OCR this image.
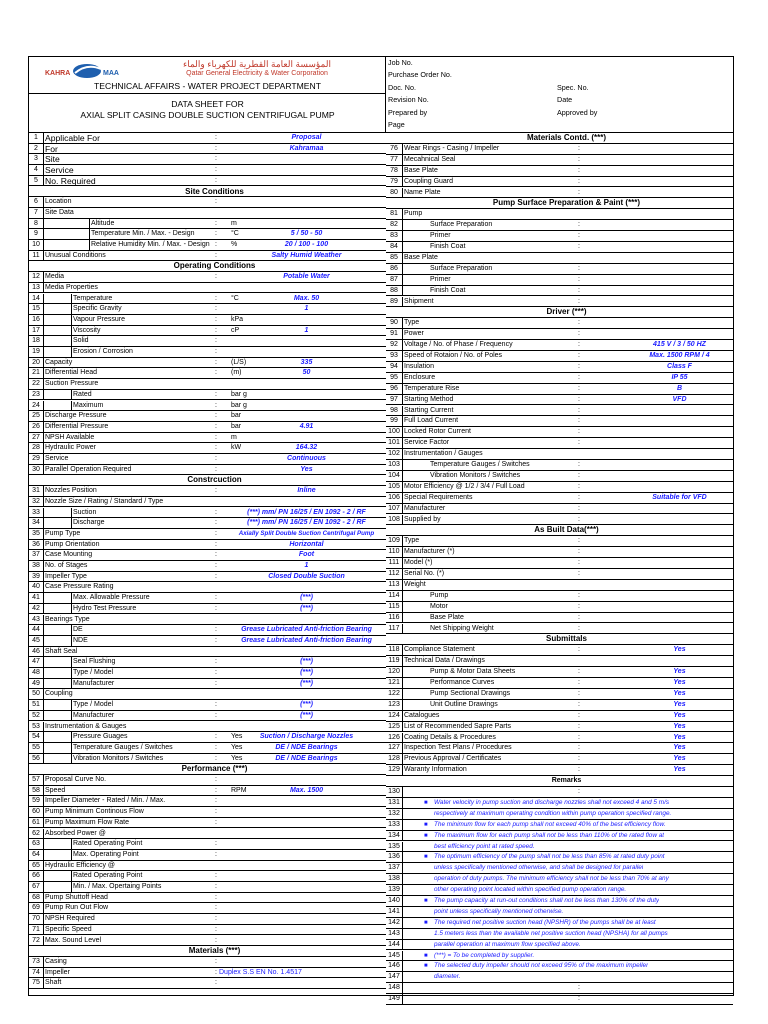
KAHRA	MAA
المؤسسة العامة القطرية للكهرباء والماء
Qatar General Electricity & Water Corporation
TECHNICAL AFFAIRS - WATER PROJECT DEPARTMENT
DATA SHEET FOR
AXIAL SPLIT CASING DOUBLE SUCTION CENTRIFUGAL PUMP
Job No.
Purchase Order No.
Doc. No.	Spec. No.
Revision No.	Date
Prepared by	Approved by
Page
1 Applicable For	:	Proposal
2 For	:	Kahramaa
3 Site	:
4 Service	:
5 No. Required	:
Site Conditions
6	Location	:
7	Site Data
8	Altitude	: m
9	Temperature Min. / Max. - Design	: °C	5 / 50 - 50
10	Relative Humidity Min. / Max. - Design : %	20 / 100 - 100
11 Unusual Conditions	:	Salty Humid Weather
Operating Conditions
12 Media	:	Potable Water
13 Media Properties
14	Temperature	: °C	Max. 50
15	Specific Gravity	:	1
16	Vapour Pressure	: kPa
17	Viscosity	: cP	1
18	Solid	:
19	Erosion / Corrosion	:
20 Capacity	: (L/S)	335
21 Differential Head	: (m)	50
22 Suction Pressure
23	Rated	: bar g
24	Maximum	: bar g
25 Discharge Pressure	: bar
26 Differential Pressure	: bar	4.91
27 NPSH Available	: m
28 Hydraulic Power	: kW	164.32
29 Service	:	Continuous
30 Parallel Operation Required	:	Yes
Constrcuction
31 Nozzles Position	:	Inline
32 Nozzle Size / Rating / Standard / Type
33	Suction	:	(***) mm/ PN 16/25 / EN 1092 - 2 / RF
34	Discharge	:	(***) mm/ PN 16/25 / EN 1092 - 2 / RF
35 Pump Type	:	Axially Split Double Suction Centrifugal Pump
36 Pump Orientation	:	Horizontal
37 Case Mounting	:	Foot
38 No. of Stages	:	1
39 Impeller Type	:	Closed Double Suction
40 Case Pressure Rating
41	Max. Allowable Pressure	:	(***)
42	Hydro Test Pressure	:	(***)
43 Bearings Type
44	DE	:	Grease Lubricated Anti-friction Bearing
45	NDE	:	Grease Lubricated Anti-friction Bearing
46 Shaft Seal
47	Seal Flushing	:	(***)
48	Type / Model	:	(***)
49	Manufacturer	:	(***)
50 Coupling
51	Type / Model	:	(***)
52	Manufacturer	:	(***)
53 Instrumentation & Gauges
54	Pressure Guages	: Yes	Suction / Discharge Nozzles
55	Temperature Gauges / Switches	: Yes	DE / NDE Bearings
56	Vibration Monitors / Switches	: Yes	DE / NDE Bearings
Performance (***)
57 Proposal Curve No.	:
58 Speed	: RPM	Max. 1500
59 Impeller Diameter - Rated / Min. / Max.	:
60 Pump Minimum Continous Flow	:
61 Pump Maximum Flow Rate	:
62 Absorbed Power @
63	Rated Operating Point	:
64	Max. Operating Point	:
65 Hydraulic Efficiency @
66	Rated Operating Point	:
67	Min. / Max. Opertaing Points	:
68 Pump Shuttoff Head	:
69 Pump Run Out Flow	:
70 NPSH Required	:
71 Specific Speed	:
72 Max. Sound Level	:
Materials (***)
73 Casing	:
74 Impeller	: Duplex S.S EN No. 1.4517
75 Shaft	:
Materials Contd. (***)
76 Wear Rings - Casing / Impeller	:
77 Mecahnical Seal	:
78 Base Plate	:
79 Coupling Guard	:
80 Name Plate	:
Pump Surface Preparation & Paint (***)
81 Pump
82	Surface Preparation	:
83	Primer	:
84	Finish Coat	:
85 Base Plate
86	Surface Preparation	:
87	Primer	:
88	Finish Coat	:
89 Shipment	:
Driver (***)
90 Type	:
91 Power	:
92 Voltage / No. of Phase / Frequency	:	415 V / 3 / 50 HZ
93 Speed of Rotaion / No. of Poles	:	Max. 1500 RPM / 4
94 Insulation	:	Class F
95 Enclosure	:	IP 55
96 Temperature Rise	:	B
97 Starting Method	:	VFD
98 Starting Current	:
99 Full Load Current	:
100 Locked Rotor Current	:
101 Service Factor	:
102 Instrumentation / Gauges
103	Temperature Gauges / Switches	:
104	Vibration Monitors / Switches	:
105 Motor Efficiency @ 1/2 / 3/4 / Full Load	:
106 Special Requirements	:	Suitable for VFD
107 Manufacturer	:
108 Supplied by	:
As Built Data(***)
109 Type	:
110 Manufacturer (*)	:
111 Model (*)	:
112 Serial No. (*)	:
113 Weight
114	Pump	:
115	Motor	:
116	Base Plate	:
117	Net Shipping Weight	:
Submittals
118 Compliance Statement	:	Yes
119 Technical Data / Drawings
120	Pump & Motor Data Sheets	:	Yes
121	Performance Curves	:	Yes
122	Pump Sectional Drawings	:	Yes
123	Unit Outline Drawings	:	Yes
124 Catalogues	:	Yes
125 List of Recommended Sapre Parts	:	Yes
126 Coating Details & Procedures	:	Yes
127 Inspection Test Plans / Procedures	:	Yes
128 Previous Approval / Certificates	:	Yes
129 Waranty Information	:	Yes
Remarks
130	:
131	■ Water velocity in pump suction and discharge nozzles shall not exceed 4 and 5 m/s
132	respectively at maximum operating condition within pump operation specified range.
133	■ The minimum flow for each pump shall not exceed 40% of the best efficiency flow.
134	■ The maximum flow for each pump shall not be less than 110% of the rated flow at
135	best efficiency point at rated speed.
136	■ The optimum efficiency of the pump shall not be less than 85% at rated duty point
137	unless specifically mentioned otherwise, and shall be designed for parallel
138	operation of duty pumps. The minimum efficiency shall not be less than 70% at any
139	other operating point located within specified pump operation range.
140	■ The pump capacity at run-out conditions shall not be less than 130% of the duty
141	point unless specifically mentioned otherwise.
142	■ The required net positive suction head (NPSHR) of the pumps shall be at least
143	1.5 meters less than the available net positive suction head (NPSHA) for all pumps
144	parallel operation at maximum flow specified above.
145	■ (***) = To be completed by supplier.
146	■ The selected duty impeller should not exceed 95% of the maximum impeller
147	diameter.
148	:
149	:
